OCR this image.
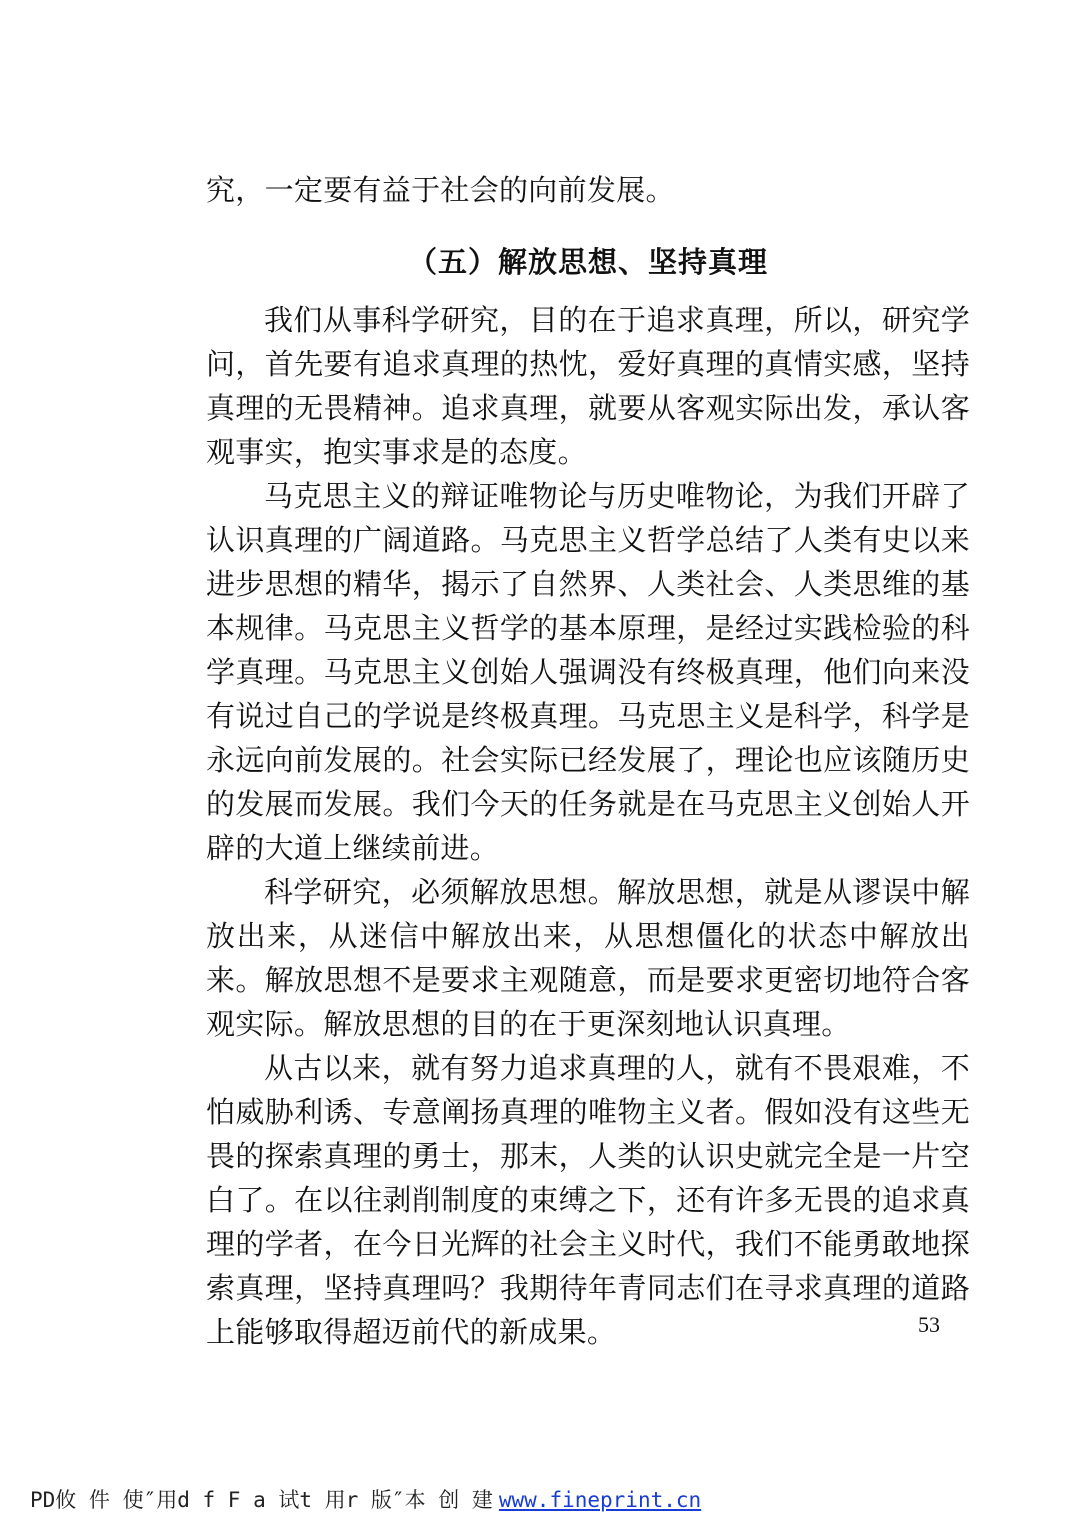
究，一定要有益于社会的向前发展。

（五）解放思想、坚持真理

我们从事科学研究，目的在于追求真理，所以，研究学问，首先要有追求真理的热忱，爱好真理的真情实感，坚持真理的无畏精神。追求真理，就要从客观实际出发，承认客观事实，抱实事求是的态度。

马克思主义的辩证唯物论与历史唯物论，为我们开辟了认识真理的广阔道路。马克思主义哲学总结了人类有史以来进步思想的精华，揭示了自然界、人类社会、人类思维的基本规律。马克思主义哲学的基本原理，是经过实践检验的科学真理。马克思主义创始人强调没有终极真理，他们向来没有说过自己的学说是终极真理。马克思主义是科学，科学是永远向前发展的。社会实际已经发展了，理论也应该随历史的发展而发展。我们今天的任务就是在马克思主义创始人开辟的大道上继续前进。

科学研究，必须解放思想。解放思想，就是从谬误中解放出来，从迷信中解放出来，从思想僵化的状态中解放出来。解放思想不是要求主观随意，而是要求更密切地符合客观实际。解放思想的目的在于更深刻地认识真理。

从古以来，就有努力追求真理的人，就有不畏艰难，不怕威胁利诱、专意阐扬真理的唯物主义者。假如没有这些无畏的探索真理的勇士，那末，人类的认识史就完全是一片空白了。在以往剥削制度的束缚之下，还有许多无畏的追求真理的学者，在今日光辉的社会主义时代，我们不能勇敢地探索真理，坚持真理吗？我期待年青同志们在寻求真理的道路上能够取得超迈前代的新成果。	53
PD攸 件 使″用d f F a 试t 用r 版″本 创 建 www.fineprint.cn
